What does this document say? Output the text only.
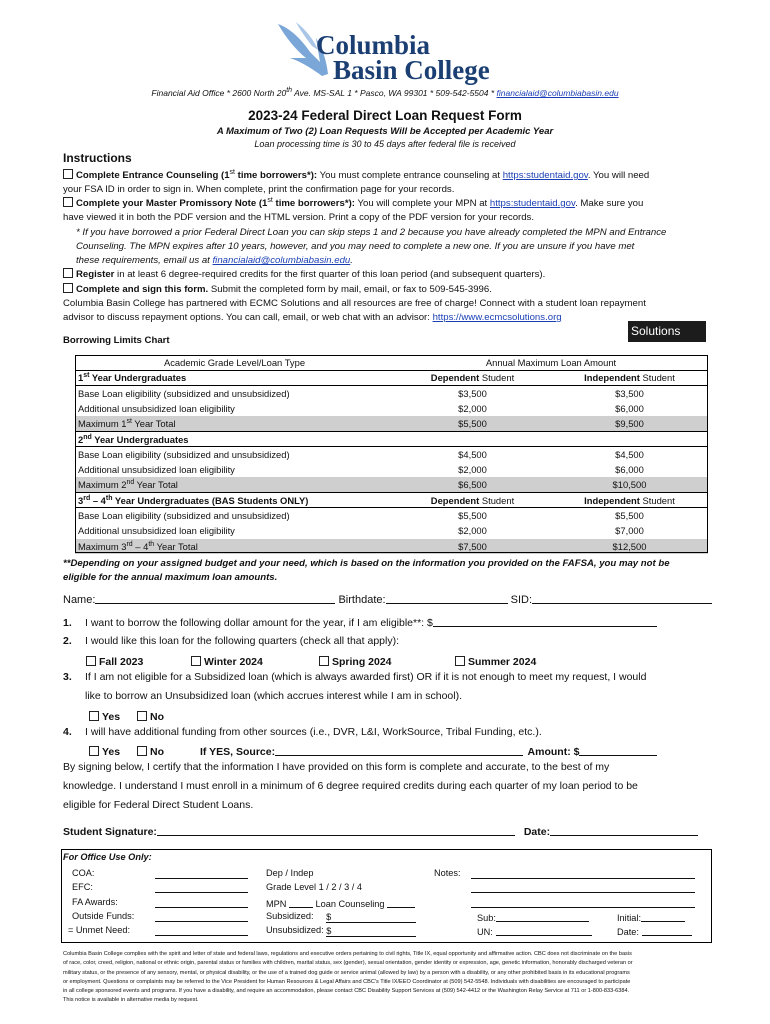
Columbia
Basin College
Financial Aid Office * 2600 North 20th Ave. MS-SAL 1 * Pasco, WA 99301 * 509-542-5504 * financialaid@columbiabasin.edu
2023-24 Federal Direct Loan Request Form
A Maximum of Two (2) Loan Requests Will be Accepted per Academic Year
Loan processing time is 30 to 45 days after federal file is received
Instructions
Complete Entrance Counseling (1st time borrowers*): You must complete entrance counseling at https:studentaid.gov. You will need
your FSA ID in order to sign in. When complete, print the confirmation page for your records.
Complete your Master Promissory Note (1st time borrowers*): You will complete your MPN at https:studentaid.gov. Make sure you
have viewed it in both the PDF version and the HTML version. Print a copy of the PDF version for your records.
* If you have borrowed a prior Federal Direct Loan you can skip steps 1 and 2 because you have already completed the MPN and Entrance
Counseling. The MPN expires after 10 years, however, and you may need to complete a new one. If you are unsure if you have met
these requirements, email us at financialaid@columbiabasin.edu.
Register in at least 6 degree-required credits for the first quarter of this loan period (and subsequent quarters).
Complete and sign this form. Submit the completed form by mail, email, or fax to 509-545-3996.
Columbia Basin College has partnered with ECMC Solutions and all resources are free of charge! Connect with a student loan repayment
advisor to discuss repayment options. You can call, email, or web chat with an advisor: https://www.ecmcsolutions.org
Solutions
Borrowing Limits Chart
Academic Grade Level/Loan Type	Annual Maximum Loan Amount	
1st Year Undergraduates	Dependent Student	Independent Student
Base Loan eligibility (subsidized and unsubsidized)	$3,500	$3,500
Additional unsubsidized loan eligibility	$2,000	$6,000
Maximum 1st Year Total	$5,500	$9,500
2nd Year Undergraduates		
Base Loan eligibility (subsidized and unsubsidized)	$4,500	$4,500
Additional unsubsidized loan eligibility	$2,000	$6,000
Maximum 2nd Year Total	$6,500	$10,500
3rd – 4th Year Undergraduates (BAS Students ONLY)	Dependent Student	Independent Student
Base Loan eligibility (subsidized and unsubsidized)	$5,500	$5,500
Additional unsubsidized loan eligibility	$2,000	$7,000
Maximum 3rd – 4th Year Total	$7,500	$12,500
**Depending on your assigned budget and your need, which is based on the information you provided on the FAFSA, you may not be
eligible for the annual maximum loan amounts.
Name:	Birthdate:	SID:
1. I want to borrow the following dollar amount for the year, if I am eligible**: $
2. I would like this loan for the following quarters (check all that apply):
Fall 2023	Winter 2024	Spring 2024	Summer 2024
3. If I am not eligible for a Subsidized loan (which is always awarded first) OR if it is not enough to meet my request, I would
like to borrow an Unsubsidized loan (which accrues interest while I am in school).
Yes	No
4. I will have additional funding from other sources (i.e., DVR, L&I, WorkSource, Tribal Funding, etc.).
Yes	No	If YES, Source:	Amount: $
By signing below, I certify that the information I have provided on this form is complete and accurate, to the best of my
knowledge. I understand I must enroll in a minimum of 6 degree required credits during each quarter of my loan period to be
eligible for Federal Direct Student Loans.
Student Signature:	Date:
For Office Use Only:
COA:
EFC:
FA Awards:
Outside Funds:
= Unmet Need:
Dep / Indep
Grade Level 1 / 2 / 3 / 4
MPN	Loan Counseling
Subsidized: $
Unsubsidized: $
Notes:
Sub:
UN:
Initial:
Date:
Columbia Basin College complies with the spirit and letter of state and federal laws, regulations and executive orders pertaining to civil rights, Title IX, equal opportunity and affirmative action. CBC does not discriminate on the basis
of race, color, creed, religion, national or ethnic origin, parental status or families with children, marital status, sex (gender), sexual orientation, gender identity or expression, age, genetic information, honorably discharged veteran or
military status, or the presence of any sensory, mental, or physical disability, or the use of a trained dog guide or service animal (allowed by law) by a person with a disability, or any other prohibited basis in its educational programs
or employment. Questions or complaints may be referred to the Vice President for Human Resources & Legal Affairs and CBC's Title IX/EEO Coordinator at (509) 542-5548. Individuals with disabilities are encouraged to participate
in all college sponsored events and programs. If you have a disability, and require an accommodation, please contact CBC Disability Support Services at (509) 542-4412 or the Washington Relay Service at 711 or 1-800-833-6384.
This notice is available in alternative media by request.
